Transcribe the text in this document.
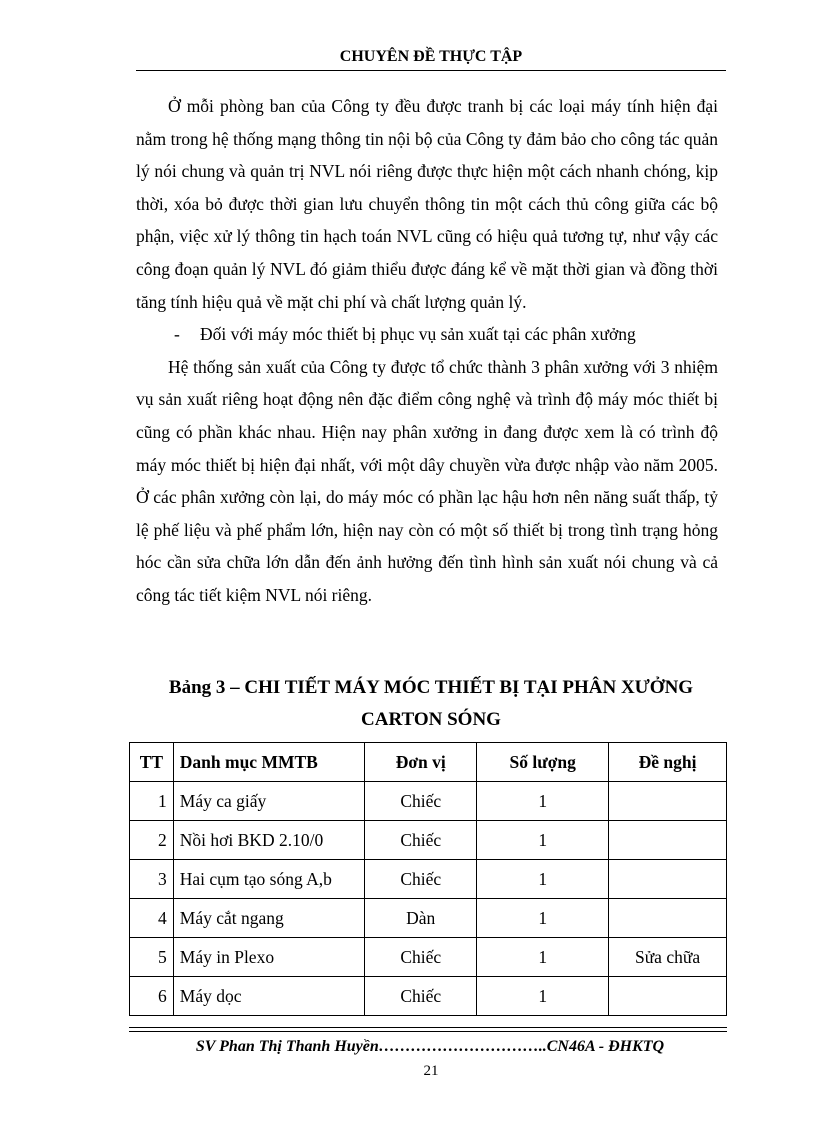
CHUYÊN ĐỀ THỰC TẬP

Ở mỗi phòng ban của Công ty đều được tranh bị các loại máy tính hiện đại nằm trong hệ thống mạng thông tin nội bộ của Công ty đảm bảo cho công tác quản lý nói chung và quản trị NVL nói riêng được thực hiện một cách nhanh chóng, kịp thời, xóa bỏ được thời gian lưu chuyển thông tin một cách thủ công giữa các bộ phận, việc xử lý thông tin hạch toán NVL cũng có hiệu quả tương tự, như vậy các công đoạn quản lý NVL đó giảm thiểu được đáng kể về mặt thời gian và đồng thời tăng tính hiệu quả về mặt chi phí và chất lượng quản lý.

- Đối với máy móc thiết bị phục vụ sản xuất tại các phân xưởng

Hệ thống sản xuất của Công ty được tổ chức thành 3 phân xưởng với 3 nhiệm vụ sản xuất riêng hoạt động nên đặc điểm công nghệ và trình độ máy móc thiết bị cũng có phần khác nhau. Hiện nay phân xưởng in đang được xem là có trình độ máy móc thiết bị hiện đại nhất, với một dây chuyền vừa được nhập vào năm 2005. Ở các phân xưởng còn lại, do máy móc có phần lạc hậu hơn nên năng suất thấp, tỷ lệ phế liệu và phế phẩm lớn, hiện nay còn có một số thiết bị trong tình trạng hỏng hóc cần sửa chữa lớn dẫn đến ảnh hưởng đến tình hình sản xuất nói chung và cả công tác tiết kiệm NVL nói riêng.

Bảng 3 – CHI TIẾT MÁY MÓC THIẾT BỊ TẠI PHÂN XƯỞNG
CARTON SÓNG
TT	Danh mục MMTB	Đơn vị	Số lượng	Đề nghị
1	Máy ca giấy	Chiếc	1	
2	Nồi hơi BKD 2.10/0	Chiếc	1	
3	Hai cụm tạo sóng A,b	Chiếc	1	
4	Máy cắt ngang	Dàn	1	
5	Máy in Plexo	Chiếc	1	Sửa chữa
6	Máy dọc	Chiếc	1	
SV Phan Thị Thanh Huyền…………………………..CN46A - ĐHKTQ
21
